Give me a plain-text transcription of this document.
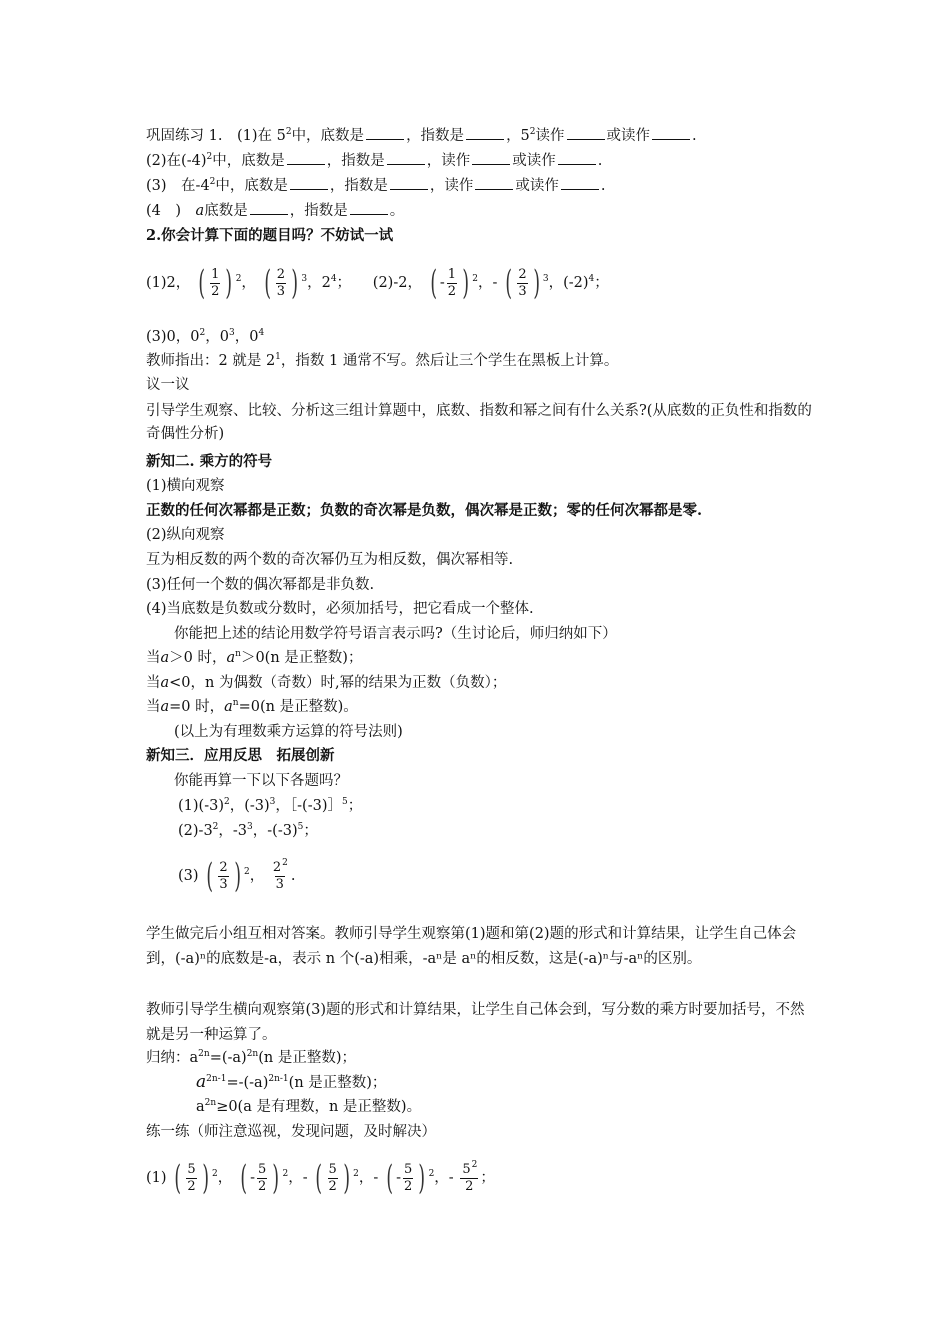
巩固练习 1.　(1)在 $5^2$中，底数是	，指数是	，$5^2$读作	或读作	.
(2)在$(-4)^2$中，底数是	，指数是	，读作	或读作	.
(3)　在$-4^2$中，底数是	，指数是	，读作	或读作	.
(4　)　a底数是	，指数是	。
2.你会计算下面的题目吗？不妨试一试
(1)2， ( $\frac{1}{2}$ ) $^2$， ( $\frac{2}{3}$ ) $^3$，$2^4$；　　(2)-2， ( - $\frac{1}{2}$ ) $^2$，- ( $\frac{2}{3}$ ) $^3$，$(-2)^4$；
(3)0，$0^2$，$0^3$，$0^4$
教师指出：2 就是 $2^1$，指数 1 通常不写。然后让三个学生在黑板上计算。
议一议
引导学生观察、比较、分析这三组计算题中，底数、指数和幂之间有什么关系?(从底数的正负性和指数的奇偶性分析)
新知二. 乘方的符号
(1)横向观察
正数的任何次幂都是正数；负数的奇次幂是负数，偶次幂是正数；零的任何次幂都是零.
(2)纵向观察
互为相反数的两个数的奇次幂仍互为相反数，偶次幂相等.
(3)任何一个数的偶次幂都是非负数.
(4)当底数是负数或分数时，必须加括号，把它看成一个整体.
你能把上述的结论用数学符号语言表示吗?（生讨论后，师归纳如下）
当a＞0 时，$a^n>0(n$ 是正整数)；
当a<0，n 为偶数（奇数）时,幂的结果为正数（负数）；
当a=0 时，$a^n=0(n$ 是正整数)。
(以上为有理数乘方运算的符号法则)
新知三．应用反思　拓展创新
你能再算一下以下各题吗？
$(1)(-3)^2$，$(-3)^3$，［-(-3)］$^5$；
$(2)-3^2$，$-3^3$，$-(-3)^5$；
(3) ( $\frac{2}{3}$ ) $^2$， $\frac{2^2}{3}$ .
学生做完后小组互相对答案。教师引导学生观察第(1)题和第(2)题的形式和计算结果，让学生自己体会到，(-a)ⁿ的底数是-a，表示 n 个(-a)相乘，-aⁿ是 aⁿ的相反数，这是(-a)ⁿ与-aⁿ的区别。
教师引导学生横向观察第(3)题的形式和计算结果，让学生自己体会到，写分数的乘方时要加括号，不然就是另一种运算了。
归纳：$a^{2n}=(-a)^{2n}(n$ 是正整数)；
$a^{2n-1}=-(-a)^{2n-1}(n$ 是正整数)；
$a^{2n}\ge 0(a$ 是有理数，n 是正整数)。
练一练（师注意巡视，发现问题，及时解决）
(1) ( $\frac{5}{2}$ ) $^2$， ( - $\frac{5}{2}$ ) $^2$，- ( $\frac{5}{2}$ ) $^2$，- ( - $\frac{5}{2}$ ) $^2$，- $\frac{5^2}{2}$ ；
